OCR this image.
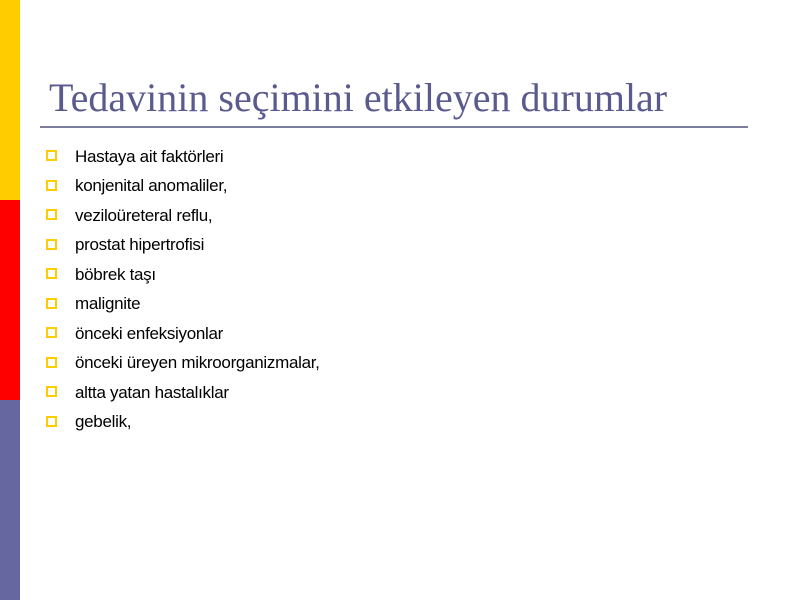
Tedavinin seçimini etkileyen durumlar
Hastaya ait faktörleri
konjenital anomaliler,
veziloüreteral reflu,
prostat hipertrofisi
böbrek taşı
malignite
önceki enfeksiyonlar
önceki üreyen mikroorganizmalar,
altta yatan hastalıklar
gebelik,
